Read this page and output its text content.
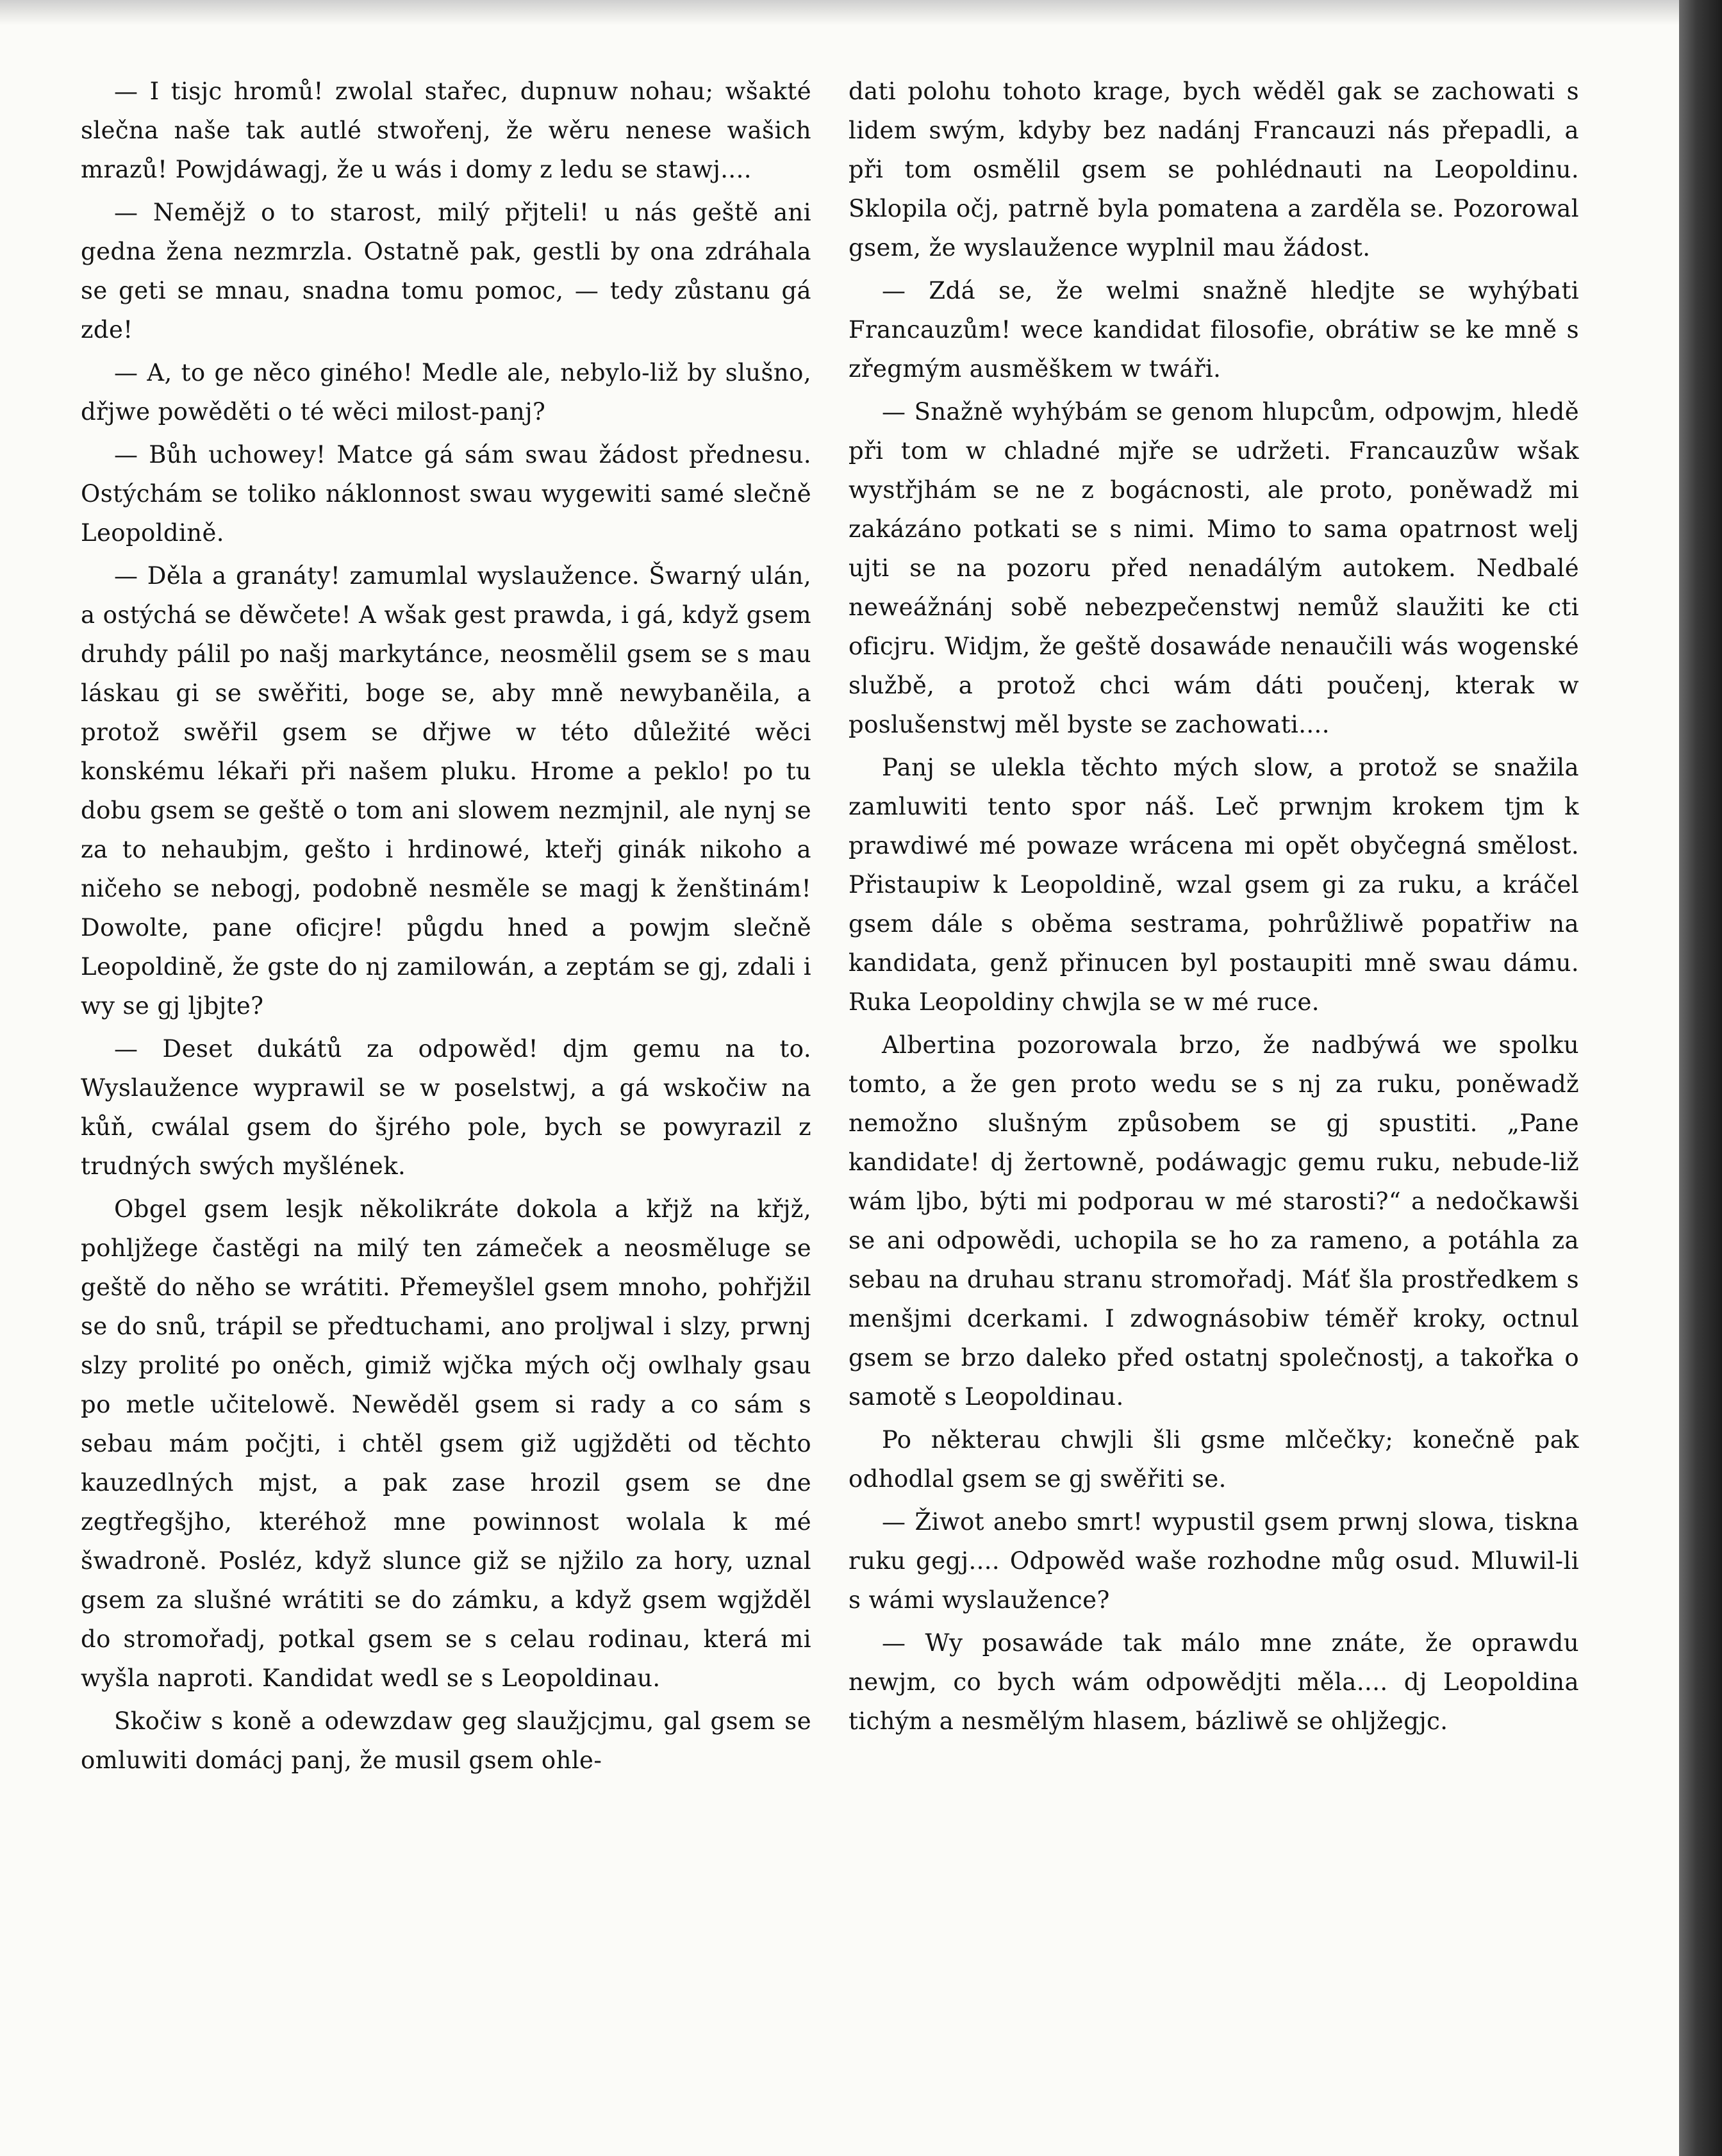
— I tisjc hromů! zwolal stařec, dupnuw nohau; wšakté slečna naše tak autlé stwořenj, že wěru nenese wašich mrazů! Powjdáwagj, že u wás i domy z ledu se stawj....

— Nemějž o to starost, milý přjteli! u nás geště ani gedna žena nezmrzla. Ostatně pak, gestli by ona zdráhala se geti se mnau, snadna tomu pomoc, — tedy zůstanu gá zde!

— A, to ge něco giného! Medle ale, nebylo-liž by slušno, dřjwe powěděti o té wěci milost-panj?

— Bůh uchowey! Matce gá sám swau žádost přednesu. Ostýchám se toliko náklonnost swau wygewiti samé slečně Leopoldině.

— Děla a granáty! zamumlal wyslaužence. Šwarný ulán, a ostýchá se děwčete! A wšak gest prawda, i gá, když gsem druhdy pálil po našj markytánce, neosmělil gsem se s mau láskau gi se swěřiti, boge se, aby mně newybaněila, a protož swěřil gsem se dřjwe w této důležité wěci konskému lékaři při našem pluku. Hrome a peklo! po tu dobu gsem se geště o tom ani slowem nezmjnil, ale nynj se za to nehaubjm, gešto i hrdinowé, kteřj ginák nikoho a ničeho se nebogj, podobně nesměle se magj k ženštinám! Dowolte, pane oficjre! půgdu hned a powjm slečně Leopoldině, že gste do nj zamilowán, a zeptám se gj, zdali i wy se gj ljbjte?

— Deset dukátů za odpowěd! djm gemu na to. Wyslaužence wyprawil se w poselstwj, a gá wskočiw na kůň, cwálal gsem do šjrého pole, bych se powyrazil z trudných swých myšlének.

Obgel gsem lesjk několikráte dokola a křjž na křjž, pohljžege častěgi na milý ten zámeček a neosměluge se geště do něho se wrátiti. Přemeyšlel gsem mnoho, pohřjžil se do snů, trápil se předtuchami, ano proljwal i slzy, prwnj slzy prolité po oněch, gimiž wjčka mých očj owlhaly gsau po metle učitelowě. Newěděl gsem si rady a co sám s sebau mám počjti, i chtěl gsem giž ugjžděti od těchto kauzedlných mjst, a pak zase hrozil gsem se dne zegtřegšjho, kteréhož mne powinnost wolala k mé šwadroně. Posléz, když slunce giž se njžilo za hory, uznal gsem za slušné wrátiti se do zámku, a když gsem wgjžděl do stromořadj, potkal gsem se s celau rodinau, která mi wyšla naproti. Kandidat wedl se s Leopoldinau.

Skočiw s koně a odewzdaw geg slaužjcjmu, gal gsem se omluwiti domácj panj, že musil gsem ohle-

dati polohu tohoto krage, bych wěděl gak se zachowati s lidem swým, kdyby bez nadánj Francauzi nás přepadli, a při tom osmělil gsem se pohlédnauti na Leopoldinu. Sklopila očj, patrně byla pomatena a zarděla se. Pozorowal gsem, že wyslaužence wyplnil mau žádost.

— Zdá se, že welmi snažně hledjte se wyhýbati Francauzům! wece kandidat filosofie, obrátiw se ke mně s zřegmým ausměškem w twáři.

— Snažně wyhýbám se genom hlupcům, odpowjm, hledě při tom w chladné mjře se udržeti. Francauzůw wšak wystřjhám se ne z bogácnosti, ale proto, poněwadž mi zakázáno potkati se s nimi. Mimo to sama opatrnost welj ujti se na pozoru před nenadálým autokem. Nedbalé neweážnánj sobě nebezpečenstwj nemůž slaužiti ke cti oficjru. Widjm, že geště dosawáde nenaučili wás wogenské službě, a protož chci wám dáti poučenj, kterak w poslušenstwj měl byste se zachowati....

Panj se ulekla těchto mých slow, a protož se snažila zamluwiti tento spor náš. Leč prwnjm krokem tjm k prawdiwé mé powaze wrácena mi opět obyčegná smělost. Přistaupiw k Leopoldině, wzal gsem gi za ruku, a kráčel gsem dále s oběma sestrama, pohrůžliwě popatřiw na kandidata, genž přinucen byl postaupiti mně swau dámu. Ruka Leopoldiny chwjla se w mé ruce.

Albertina pozorowala brzo, že nadbýwá we spolku tomto, a že gen proto wedu se s nj za ruku, poněwadž nemožno slušným způsobem se gj spustiti. „Pane kandidate! dj žertowně, podáwagjc gemu ruku, nebude-liž wám ljbo, býti mi podporau w mé starosti?“ a nedočkawši se ani odpowědi, uchopila se ho za rameno, a potáhla za sebau na druhau stranu stromořadj. Máť šla prostředkem s menšjmi dcerkami. I zdwognásobiw téměř kroky, octnul gsem se brzo daleko před ostatnj společnostj, a takořka o samotě s Leopoldinau.

Po některau chwjli šli gsme mlčečky; konečně pak odhodlal gsem se gj swěřiti se.

— Žiwot anebo smrt! wypustil gsem prwnj slowa, tiskna ruku gegj.... Odpowěd waše rozhodne můg osud. Mluwil-li s wámi wyslaužence?

— Wy posawáde tak málo mne znáte, že oprawdu newjm, co bych wám odpowědjti měla.... dj Leopoldina tichým a nesmělým hlasem, bázliwě se ohljžegjc.
